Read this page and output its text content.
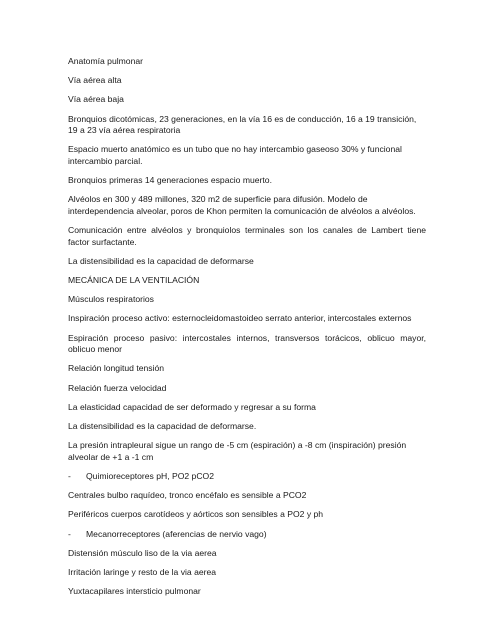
Anatomía pulmonar

Vía aérea alta

Vía aérea baja

Bronquios dicotómicas, 23 generaciones, en la vía 16 es de conducción, 16 a 19 transición, 19 a 23 vía aérea respiratoria

Espacio muerto anatómico es un tubo que no hay intercambio gaseoso 30% y funcional intercambio parcial.

Bronquios primeras 14 generaciones espacio muerto.

Alvéolos en 300 y 489 millones, 320 m2 de superficie para difusión. Modelo de interdependencia alveolar, poros de Khon permiten la comunicación de alvéolos a alvéolos.

Comunicación entre alvéolos y bronquiolos terminales son los canales de Lambert tiene factor surfactante.

La distensibilidad es la capacidad de deformarse

MECÁNICA DE LA VENTILACIÓN

Músculos respiratorios

Inspiración proceso activo: esternocleidomastoideo serrato anterior, intercostales externos

Espiración proceso pasivo: intercostales internos, transversos torácicos, oblicuo mayor, oblicuo menor

Relación longitud tensión

Relación fuerza velocidad

La elasticidad capacidad de ser deformado y regresar a su forma

La distensibilidad es la capacidad de deformarse.

La presión intrapleural sigue un rango de -5 cm (espiración) a -8 cm (inspiración) presión alveolar de +1 a -1 cm

- Quimioreceptores pH, PO2 pCO2

Centrales bulbo raquídeo, tronco encéfalo es sensible a PCO2

Periféricos cuerpos carotídeos y aórticos son sensibles a PO2 y ph

- Mecanorreceptores (aferencias de nervio vago)

Distensión músculo liso de la via aerea

Irritación laringe y resto de la via aerea

Yuxtacapilares intersticio pulmonar
